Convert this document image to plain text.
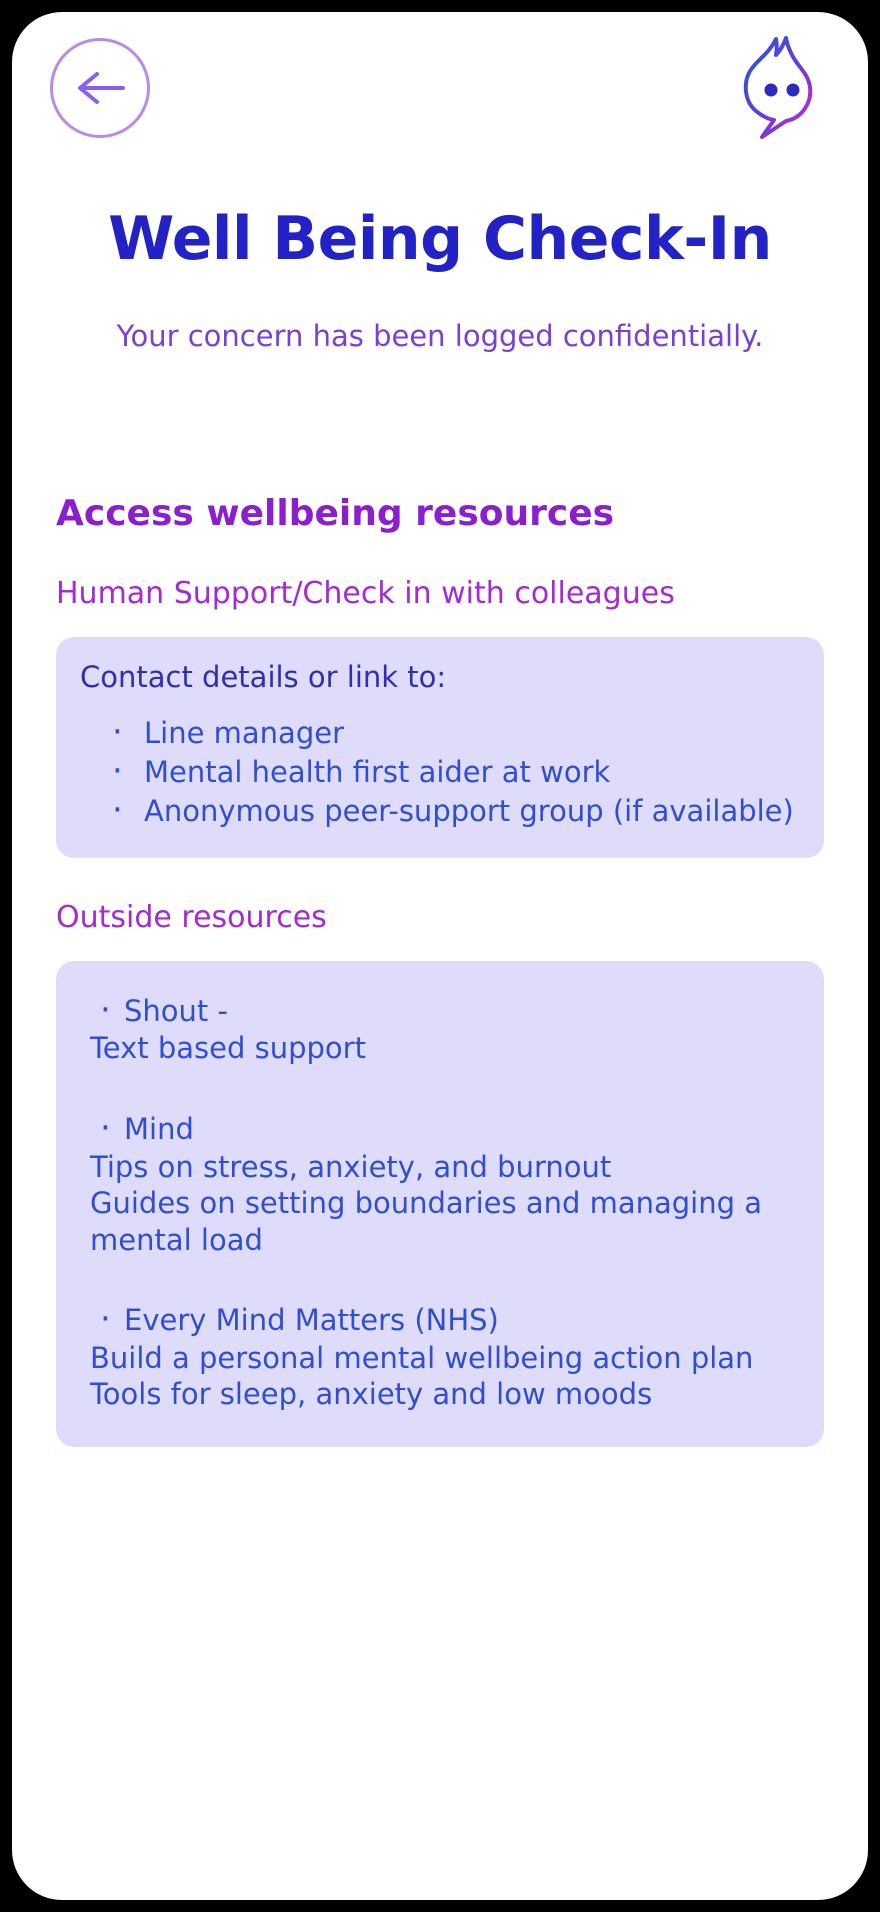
Well Being Check-In

Your concern has been logged confidentially.

Access wellbeing resources
Human Support/Check in with colleagues
Contact details or link to:
· Line manager
· Mental health first aider at work
· Anonymous peer-support group (if available)
Outside resources
· Shout -
Text based support
· Mind
Tips on stress, anxiety, and burnout
Guides on setting boundaries and managing a mental load
· Every Mind Matters (NHS)
Build a personal mental wellbeing action plan
Tools for sleep, anxiety and low moods
